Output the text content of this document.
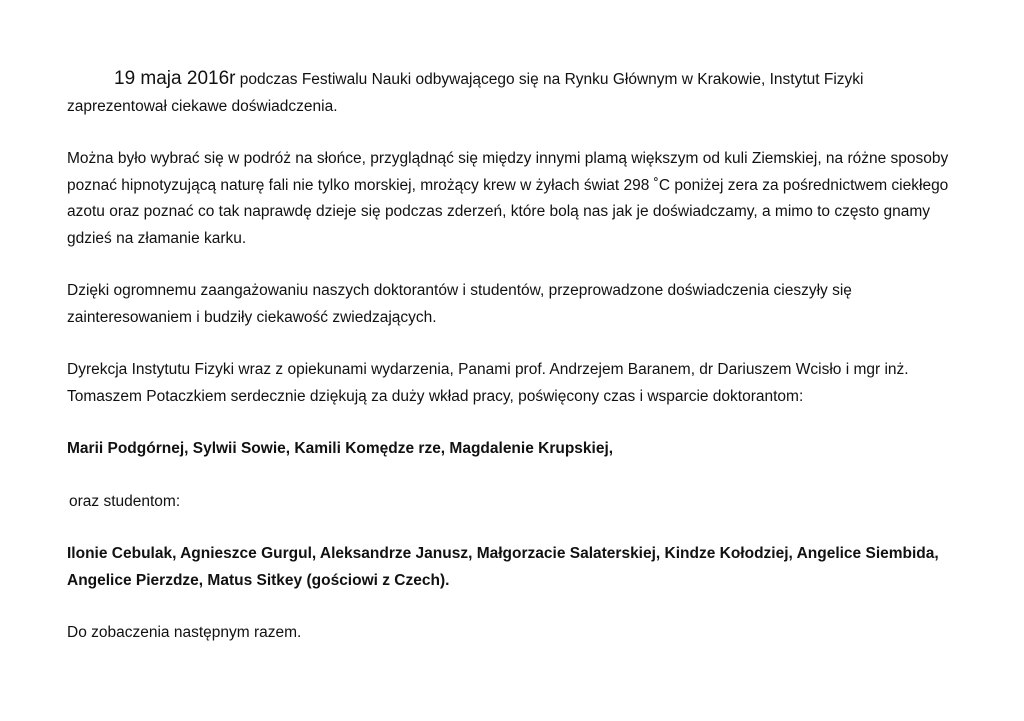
19 maja 2016r podczas Festiwalu Nauki odbywającego się na Rynku Głównym w Krakowie, Instytut Fizyki zaprezentował ciekawe doświadczenia.

Można było wybrać się w podróż na słońce, przyglądnąć się między innymi plamą większym od kuli Ziemskiej, na różne sposoby poznać hipnotyzującą naturę fali nie tylko morskiej, mrożący krew w żyłach świat 298 ˚C poniżej zera za pośrednictwem ciekłego azotu oraz poznać co tak naprawdę dzieje się podczas zderzeń, które bolą nas jak je doświadczamy, a mimo to często gnamy gdzieś na złamanie karku.

Dzięki ogromnemu zaangażowaniu naszych doktorantów i studentów, przeprowadzone doświadczenia cieszyły się zainteresowaniem i budziły ciekawość zwiedzających.

Dyrekcja Instytutu Fizyki wraz z opiekunami wydarzenia, Panami prof. Andrzejem Baranem, dr Dariuszem Wcisło i mgr inż. Tomaszem Potaczkiem serdecznie dziękują za duży wkład pracy, poświęcony czas i wsparcie doktorantom:

Marii Podgórnej, Sylwii Sowie, Kamili Komędze rze, Magdalenie Krupskiej,

oraz studentom:

Ilonie Cebulak, Agnieszce Gurgul, Aleksandrze Janusz, Małgorzacie Salaterskiej, Kindze Kołodziej, Angelice Siembida, Angelice Pierzdze, Matus Sitkey (gościowi z Czech).

Do zobaczenia następnym razem.
